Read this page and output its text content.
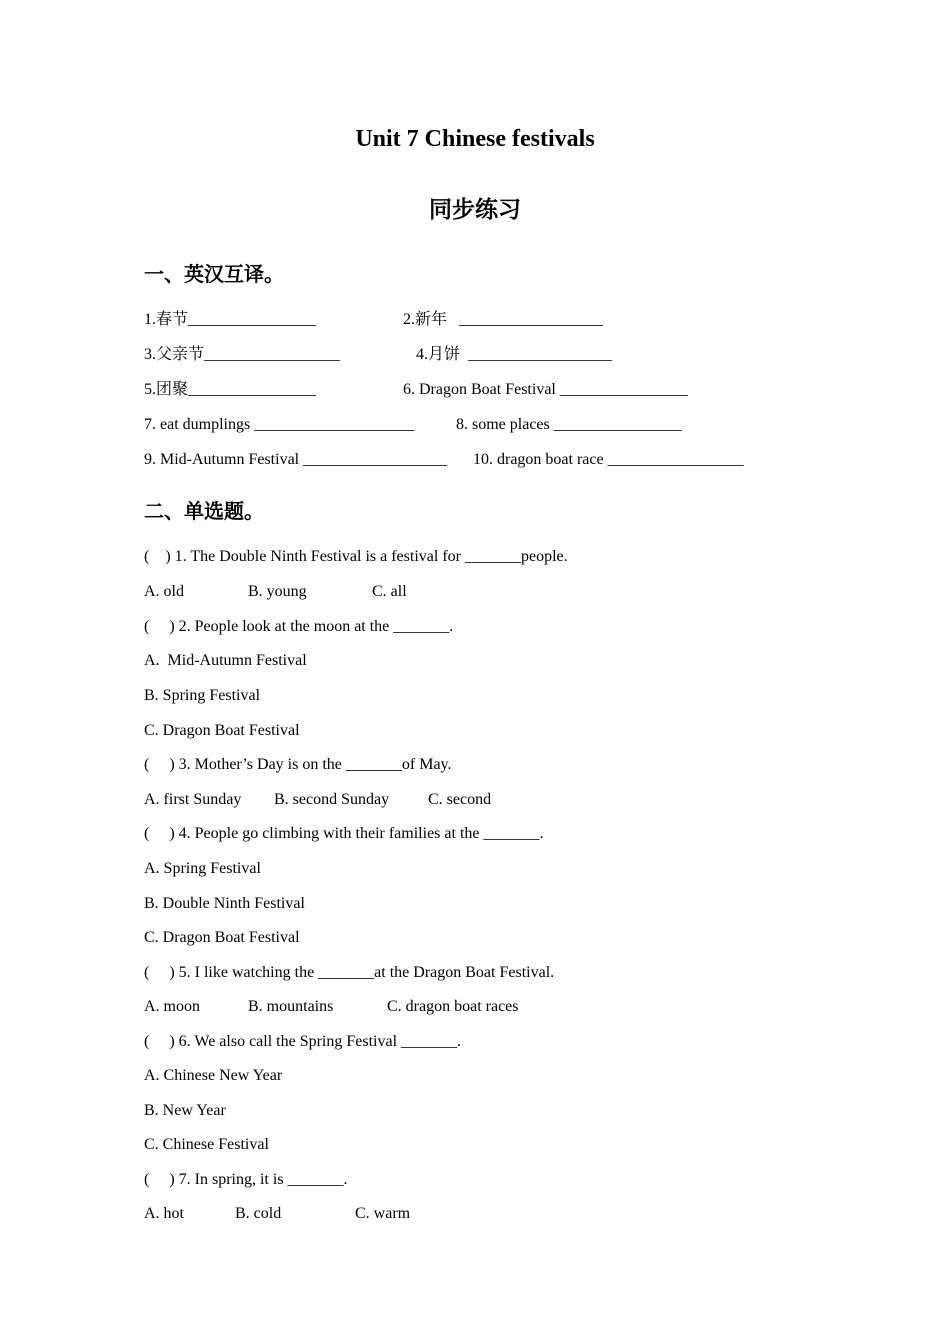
Unit 7 Chinese festivals
同步练习
一、英汉互译。
1.春节________________	2.新年   __________________
3.父亲节_________________	4.月饼  __________________
5.团聚________________	6. Dragon Boat Festival ________________
7. eat dumplings ____________________	8. some places ________________
9. Mid-Autumn Festival __________________ 10. dragon boat race _________________
二、单选题。
(    ) 1. The Double Ninth Festival is a festival for _______people.
A. old	B. young	C. all
(     ) 2. People look at the moon at the _______.
A.  Mid-Autumn Festival
B. Spring Festival
C. Dragon Boat Festival
(     ) 3. Mother’s Day is on the _______of May.
A. first Sunday B. second Sunday C. second
(     ) 4. People go climbing with their families at the _______.
A. Spring Festival
B. Double Ninth Festival
C. Dragon Boat Festival
(     ) 5. I like watching the _______at the Dragon Boat Festival.
A. moon	B. mountains	C. dragon boat races
(     ) 6. We also call the Spring Festival _______.
A. Chinese New Year
B. New Year
C. Chinese Festival
(     ) 7. In spring, it is _______.
A. hot	B. cold	C. warm
